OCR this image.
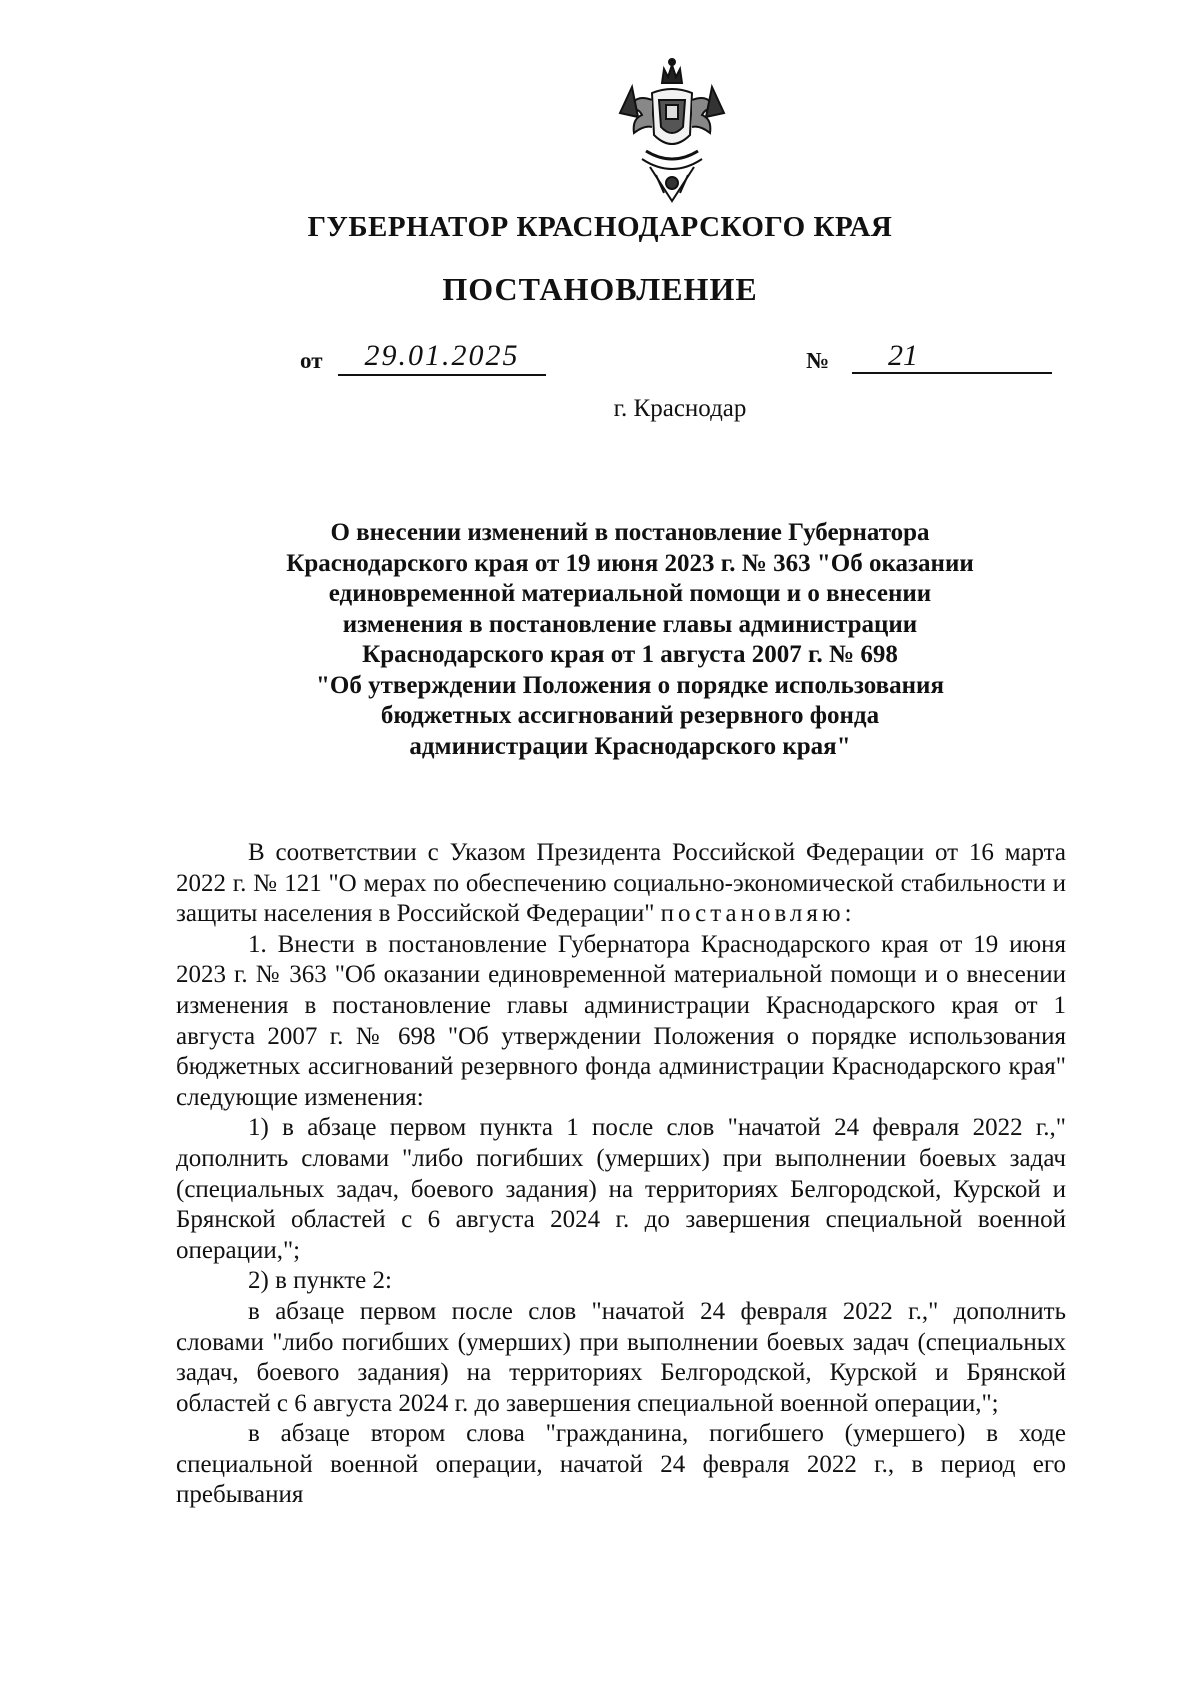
ГУБЕРНАТОР КРАСНОДАРСКОГО КРАЯ
ПОСТАНОВЛЕНИЕ
от	29.01.2025	№	21
г. Краснодар
О внесении изменений в постановление Губернатора
Краснодарского края от 19 июня 2023 г. № 363 "Об оказании
единовременной материальной помощи и о внесении
изменения в постановление главы администрации
Краснодарского края от 1 августа 2007 г. № 698
"Об утверждении Положения о порядке использования
бюджетных ассигнований резервного фонда
администрации Краснодарского края"

В соответствии с Указом Президента Российской Федерации от 16 марта 2022 г. № 121 "О мерах по обеспечению социально-экономической стабильности и защиты населения в Российской Федерации" постановляю:

1. Внести в постановление Губернатора Краснодарского края от 19 июня 2023 г. № 363 "Об оказании единовременной материальной помощи и о внесении изменения в постановление главы администрации Краснодарского края от 1 августа 2007 г. № 698 "Об утверждении Положения о порядке использования бюджетных ассигнований резервного фонда администрации Краснодарского края" следующие изменения:

1) в абзаце первом пункта 1 после слов "начатой 24 февраля 2022 г.," дополнить словами "либо погибших (умерших) при выполнении боевых задач (специальных задач, боевого задания) на территориях Белгородской, Курской и Брянской областей с 6 августа 2024 г. до завершения специальной военной операции,";

2) в пункте 2:

в абзаце первом после слов "начатой 24 февраля 2022 г.," дополнить словами "либо погибших (умерших) при выполнении боевых задач (специальных задач, боевого задания) на территориях Белгородской, Курской и Брянской областей с 6 августа 2024 г. до завершения специальной военной операции,";

в абзаце втором слова "гражданина, погибшего (умершего) в ходе специальной военной операции, начатой 24 февраля 2022 г., в период его пребывания
